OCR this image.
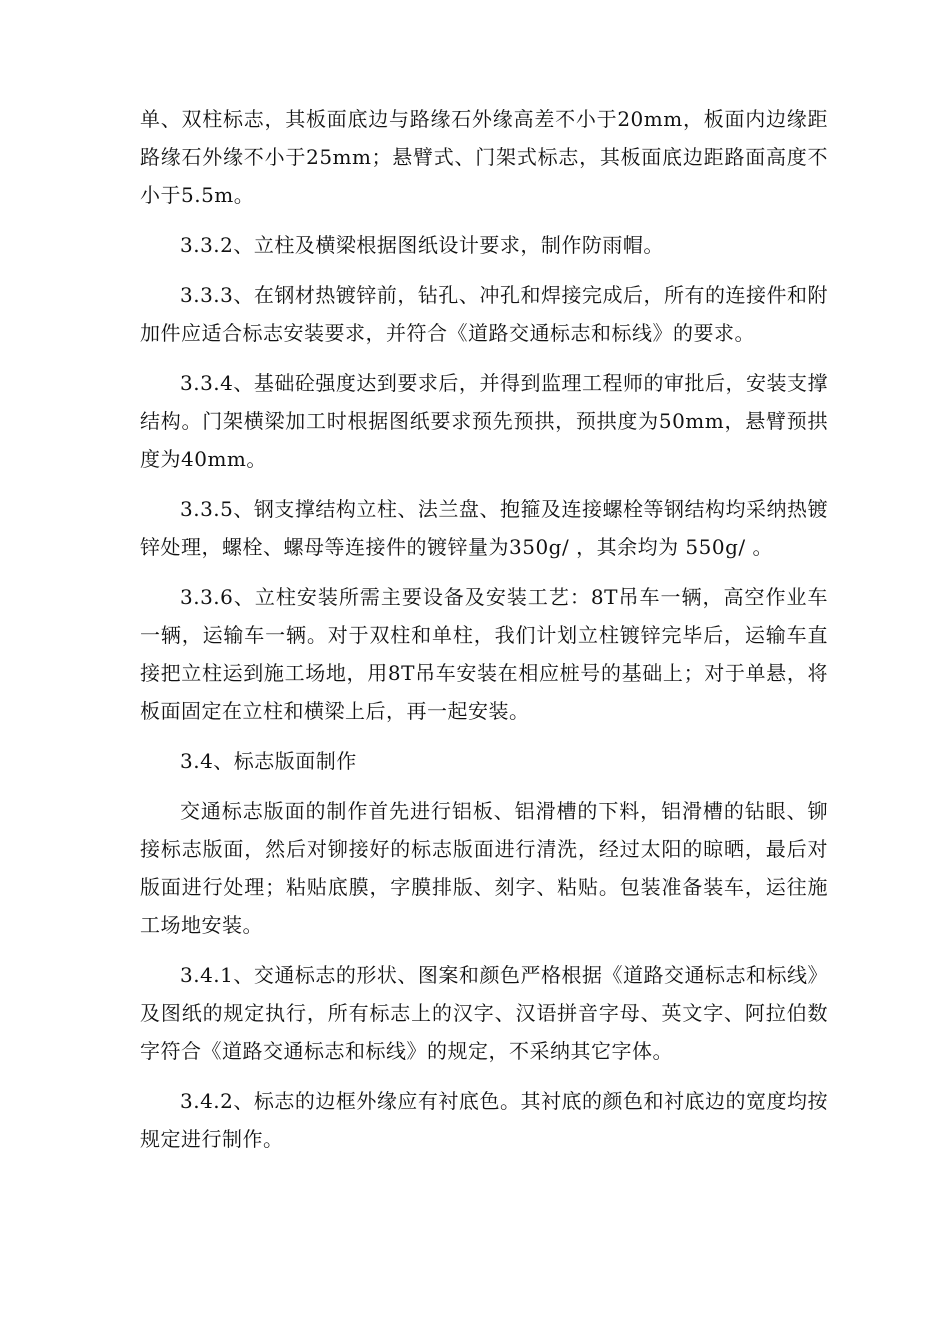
单、双柱标志，其板面底边与路缘石外缘高差不小于20mm，板面内边缘距路缘石外缘不小于25mm；悬臂式、门架式标志，其板面底边距路面高度不小于5.5m。

3.3.2、立柱及横梁根据图纸设计要求，制作防雨帽。

3.3.3、在钢材热镀锌前，钻孔、冲孔和焊接完成后，所有的连接件和附加件应适合标志安装要求，并符合《道路交通标志和标线》的要求。

3.3.4、基础砼强度达到要求后，并得到监理工程师的审批后，安装支撑结构。门架横梁加工时根据图纸要求预先预拱，预拱度为50mm，悬臂预拱度为40mm。

3.3.5、钢支撑结构立柱、法兰盘、抱箍及连接螺栓等钢结构均采纳热镀锌处理，螺栓、螺母等连接件的镀锌量为350g/ ，其余均为 550g/ 。

3.3.6、立柱安装所需主要设备及安装工艺：8T吊车一辆，高空作业车一辆，运输车一辆。对于双柱和单柱，我们计划立柱镀锌完毕后，运输车直接把立柱运到施工场地，用8T吊车安装在相应桩号的基础上；对于单悬，将板面固定在立柱和横梁上后，再一起安装。

3.4、标志版面制作

交通标志版面的制作首先进行铝板、铝滑槽的下料，铝滑槽的钻眼、铆接标志版面，然后对铆接好的标志版面进行清洗，经过太阳的晾晒，最后对版面进行处理；粘贴底膜，字膜排版、刻字、粘贴。包装准备装车，运往施工场地安装。

3.4.1、交通标志的形状、图案和颜色严格根据《道路交通标志和标线》及图纸的规定执行，所有标志上的汉字、汉语拼音字母、英文字、阿拉伯数字符合《道路交通标志和标线》的规定，不采纳其它字体。

3.4.2、标志的边框外缘应有衬底色。其衬底的颜色和衬底边的宽度均按规定进行制作。
